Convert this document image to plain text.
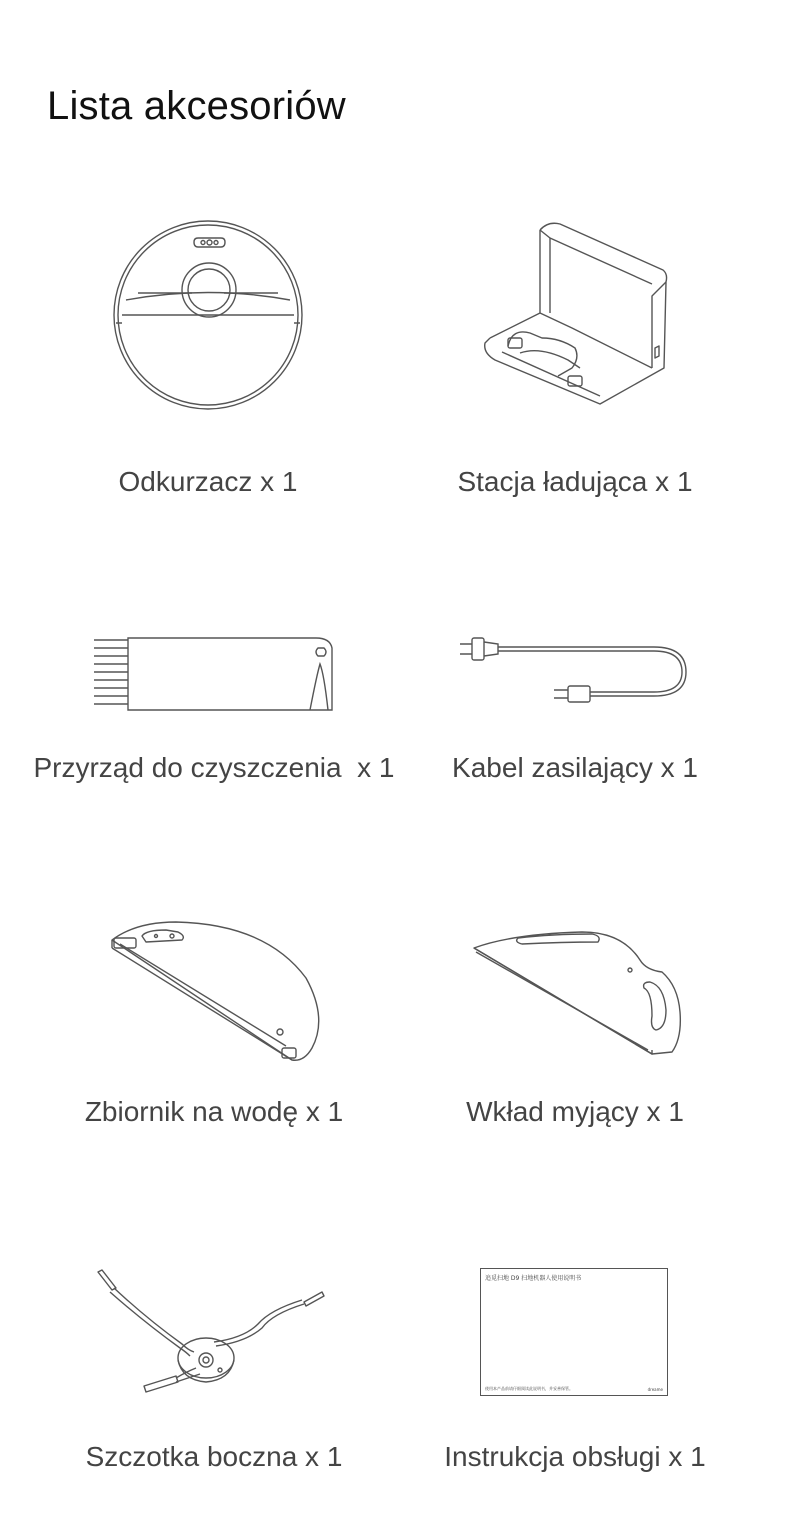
Lista akcesoriów
Odkurzacz x 1	Stacja ładująca x 1
Przyrząd do czyszczenia  x 1 Kabel zasilający x 1
Zbiornik na wodę x 1	Wkład myjący x 1
Szczotka boczna x 1
追觅扫地 D9 扫地机器人使用说明书
使用本产品前请仔细阅读此说明书，并妥善保管。	dreame
Instrukcja obsługi x 1
